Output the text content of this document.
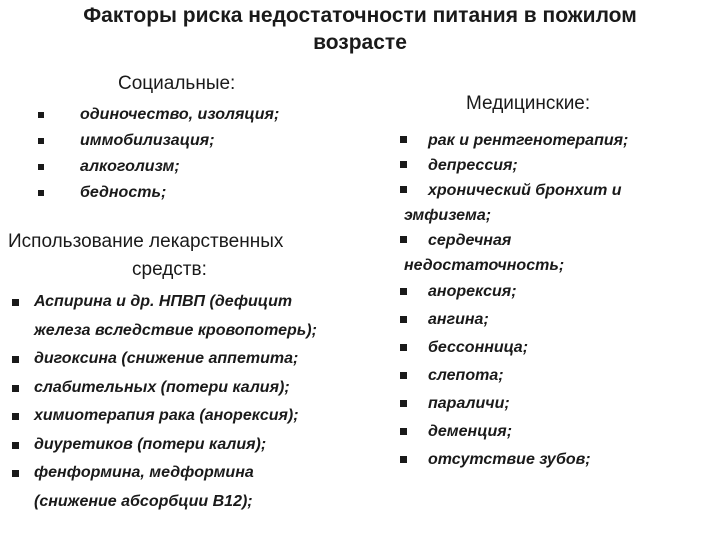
Факторы риска недостаточности питания в пожилом
возрасте
Социальные:
одиночество, изоляция;
иммобилизация;
алкоголизм;
бедность;
Использование лекарственных
средств:
Аспирина и др. НПВП (дефицит
железа вследствие кровопотерь);
дигоксина (снижение аппетита;
слабительных (потери калия);
химиотерапия рака (анорексия);
диуретиков (потери калия);
фенформина, медформина
(снижение абсорбции В12);
Медицинские:
рак и рентгенотерапия;
депрессия;
хронический бронхит и
эмфизема;
сердечная
недостаточность;
анорексия;
ангина;
бессонница;
слепота;
параличи;
деменция;
отсутствие зубов;
